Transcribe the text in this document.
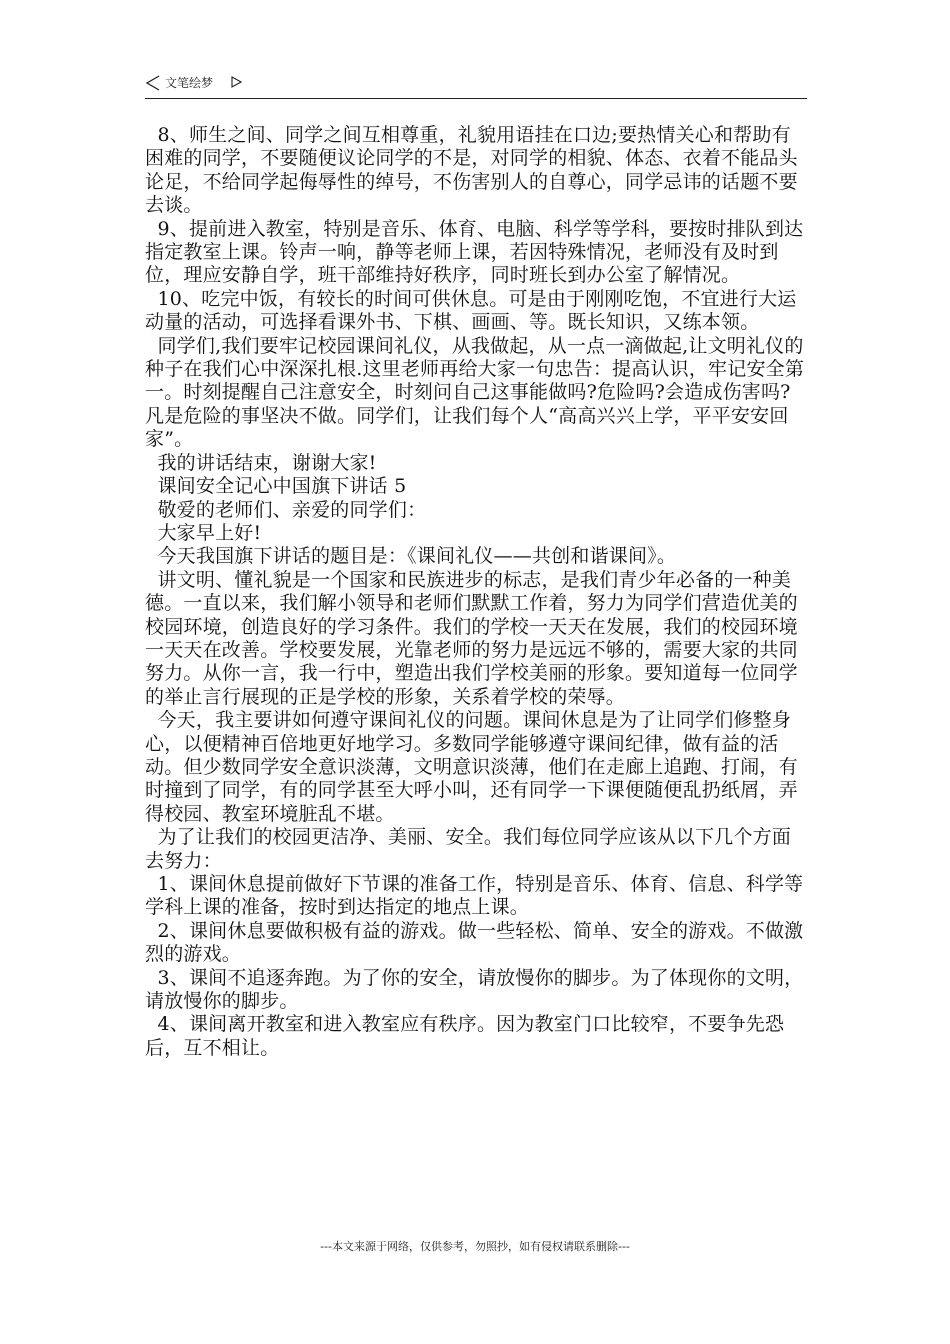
文笔绘梦

8、师生之间、同学之间互相尊重，礼貌用语挂在口边;要热情关心和帮助有困难的同学，不要随便议论同学的不是，对同学的相貌、体态、衣着不能品头论足，不给同学起侮辱性的绰号，不伤害别人的自尊心，同学忌讳的话题不要去谈。

9、提前进入教室，特别是音乐、体育、电脑、科学等学科，要按时排队到达指定教室上课。铃声一响，静等老师上课，若因特殊情况，老师没有及时到位，理应安静自学，班干部维持好秩序，同时班长到办公室了解情况。

10、吃完中饭，有较长的时间可供休息。可是由于刚刚吃饱，不宜进行大运动量的活动，可选择看课外书、下棋、画画、等。既长知识，又练本领。

同学们,我们要牢记校园课间礼仪，从我做起，从一点一滴做起,让文明礼仪的种子在我们心中深深扎根.这里老师再给大家一句忠告：提高认识，牢记安全第一。时刻提醒自己注意安全，时刻问自己这事能做吗?危险吗?会造成伤害吗?凡是危险的事坚决不做。同学们，让我们每个人“高高兴兴上学，平平安安回家”。

我的讲话结束，谢谢大家!

课间安全记心中国旗下讲话 5

敬爱的老师们、亲爱的同学们：

大家早上好!

今天我国旗下讲话的题目是：《课间礼仪——共创和谐课间》。

讲文明、懂礼貌是一个国家和民族进步的标志，是我们青少年必备的一种美德。一直以来，我们解小领导和老师们默默工作着，努力为同学们营造优美的校园环境，创造良好的学习条件。我们的学校一天天在发展，我们的校园环境一天天在改善。学校要发展，光靠老师的努力是远远不够的，需要大家的共同努力。从你一言，我一行中，塑造出我们学校美丽的形象。要知道每一位同学的举止言行展现的正是学校的形象，关系着学校的荣辱。

今天，我主要讲如何遵守课间礼仪的问题。课间休息是为了让同学们修整身心，以便精神百倍地更好地学习。多数同学能够遵守课间纪律，做有益的活动。但少数同学安全意识淡薄，文明意识淡薄，他们在走廊上追跑、打闹，有时撞到了同学，有的同学甚至大呼小叫，还有同学一下课便随便乱扔纸屑，弄得校园、教室环境脏乱不堪。

为了让我们的校园更洁净、美丽、安全。我们每位同学应该从以下几个方面去努力：

1、课间休息提前做好下节课的准备工作，特别是音乐、体育、信息、科学等学科上课的准备，按时到达指定的地点上课。

2、课间休息要做积极有益的游戏。做一些轻松、简单、安全的游戏。不做激烈的游戏。

3、课间不追逐奔跑。为了你的安全，请放慢你的脚步。为了体现你的文明，请放慢你的脚步。

4、课间离开教室和进入教室应有秩序。因为教室门口比较窄，不要争先恐后，互不相让。

---本文来源于网络，仅供参考，勿照抄，如有侵权请联系删除---
